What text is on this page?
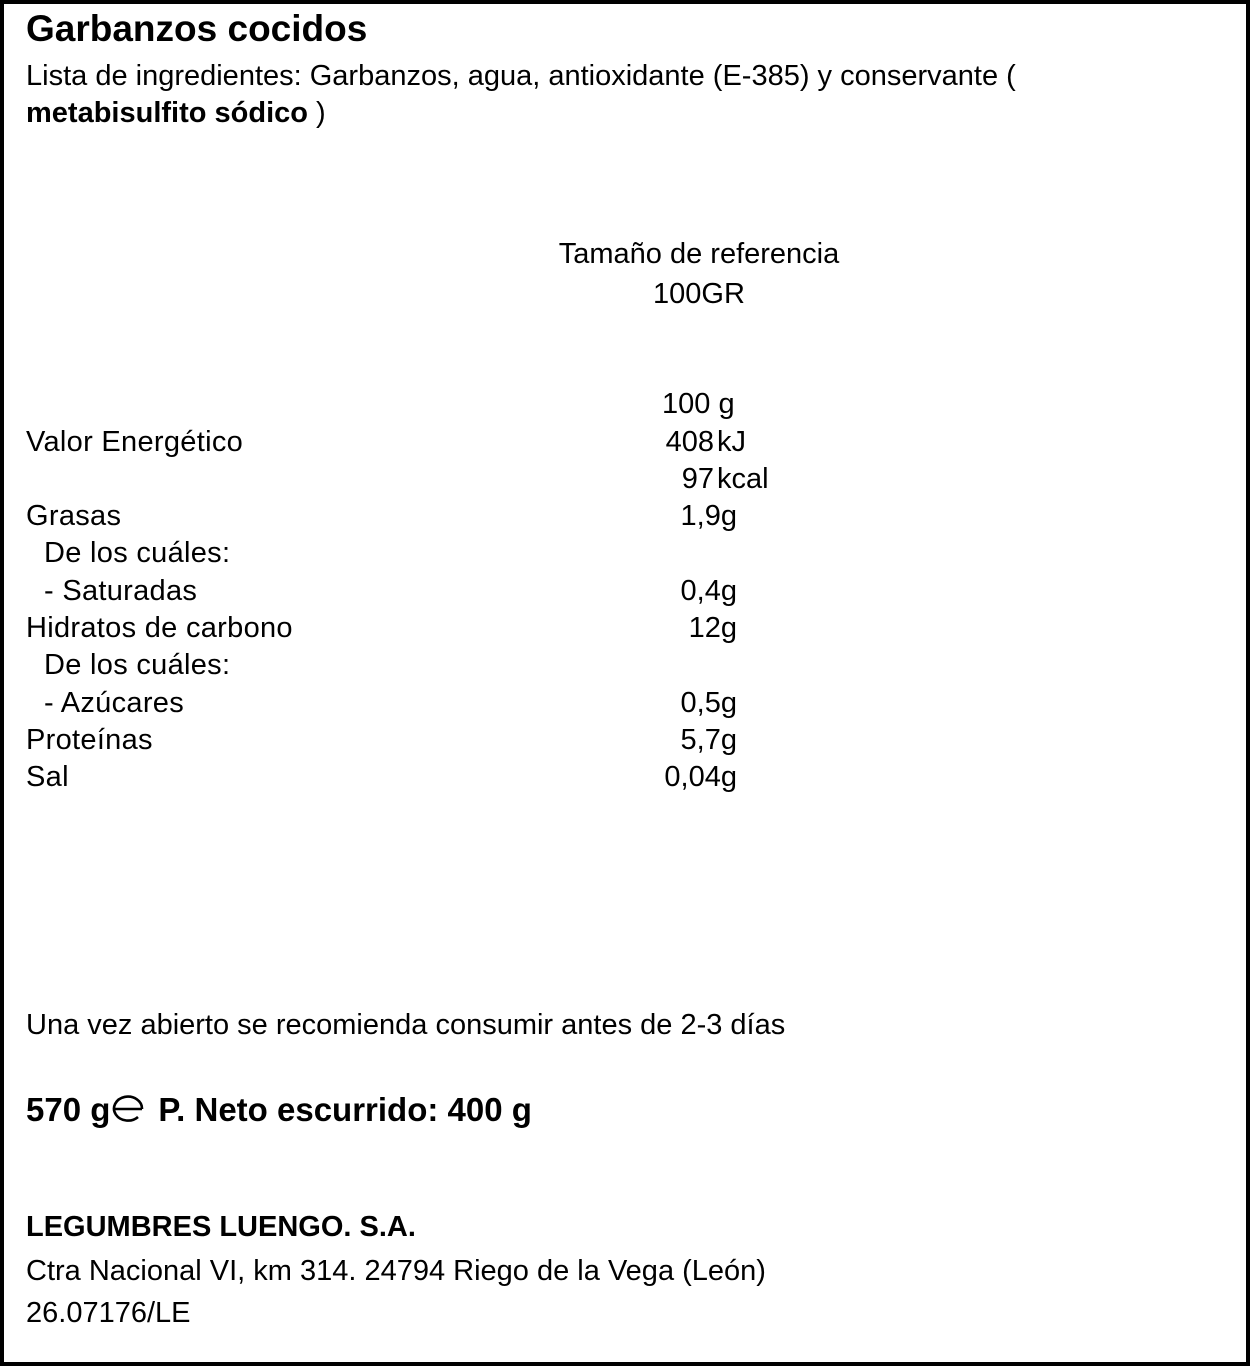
Garbanzos cocidos
Lista de ingredientes: Garbanzos, agua, antioxidante (E-385) y conservante (
metabisulfito sódico )
Tamaño de referencia
100GR
100 g
Valor Energético	408 kJ
97 kcal
Grasas	1,9g
De los cuáles:
- Saturadas	0,4g
Hidratos de carbono	12g
De los cuáles:
- Azúcares	0,5g
Proteínas	5,7g
Sal	0,04g
Una vez abierto se recomienda consumir antes de 2-3 días
570 g P. Neto escurrido: 400 g
LEGUMBRES LUENGO. S.A.
Ctra Nacional VI, km 314. 24794 Riego de la Vega (León)
26.07176/LE
